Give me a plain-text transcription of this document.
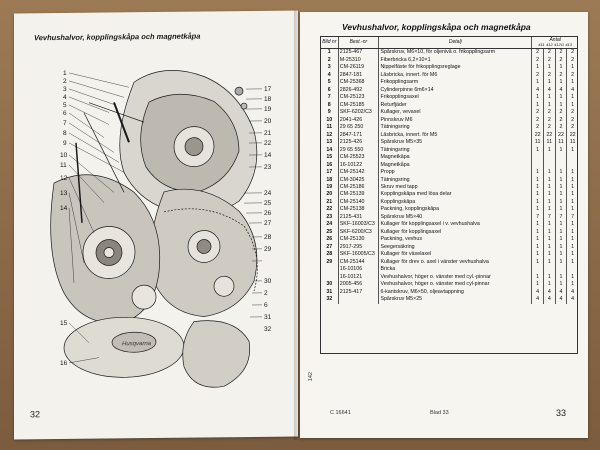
Vevhushalvor, kopplingskåpa och magnetkåpa
Husqvarna
1
2
3
4
5
6
7
8
9
10
11
12
13
14
15
16
17
18
19
20
21
22
14
23
24
25
26
27
28
29
30
2
6
31
32
32
Vevhushalvor, kopplingskåpa och magnetkåpa
Bild nr	Best.-nr	Detalj	Antal
411 412 412G 413			
1	2125-467	Spårskruv, M6×10, för oljenivå o. frikopplingsarm	2	2	2	2
2	M-25310	Fiberbricka 6,2×10×1	2	2	2	2
3	CM-26119	Nippelfäste för frikopplingsreglage	1	1	1	1
4	2847-181	Låsbricka, innert. för M6	2	2	2	2
5	CM-25368	Frikopplingsarm	1	1	1	1
6	2826-492	Cylinderpinne 6m6×14	4	4	4	4
7	CM-25123	Frikopplingsaxel	1	1	1	1
8	CM-25185	Returfjäder	1	1	1	1
9	SKF-6202/C3	Kullager, vevaxel	2	2	2	2
10	2041-426	Pinnskruv M6	2	2	2	2
11	29 65 250	Tätningsring	2	2	2	2
12	2847-171	Låsbricka, innert. för M5	22	22	22	22
13	2125-426	Spårskruv M5×35	11	11	11	11
14	29 65 550	Tätningsring	1	1	1	1
15	CM-25523	Magnetkåpa				
16	16-10122	Magnetkåpa				
17	CM-25142	Propp	1	1	1	1
18	CM-30425	Tätningsring	1	1	1	1
19	CM-25186	Skruv med tapp	1	1	1	1
20	CM-25139	Kopplingskåpa med lösa delar	1	1	1	1
21	CM-25140	Kopplingskåpa	1	1	1	1
22	CM-25138	Packning, kopplingskåpa	1	1	1	1
23	2125-431	Spårskruv M5×40	7	7	7	7
24	SKF-16003/C3	Kullager för kopplingsaxel i v. vevhushalva	1	1	1	1
25	SKF-6200/C3	Kullager för kopplingsaxel	1	1	1	1
26	CM-25130	Packning, vevhus	1	1	1	1
27	2917-295	Seegersäkring	1	1	1	1
28	SKF-16005/C3	Kullager för växelaxel	1	1	1	1
29	CM-25144	Kullager för drev o. axel i vänster vevhushalva	1	1	1	1
	16-10106	Bricka				
	16-10121	Vevhushalvor, höger o. vänster med cyl.-pinnar	1	1	1	1
30	2005-456	Vevhushalvor, höger o. vänster med cyl-pinnar	1	1	1	1
31	2125-417	6-kantskruv, M6×50, oljeavtappning	4	4	4	4
32		Spårskruv M5×25	4	4	4	4
142
C 16641	Blad 33	33
